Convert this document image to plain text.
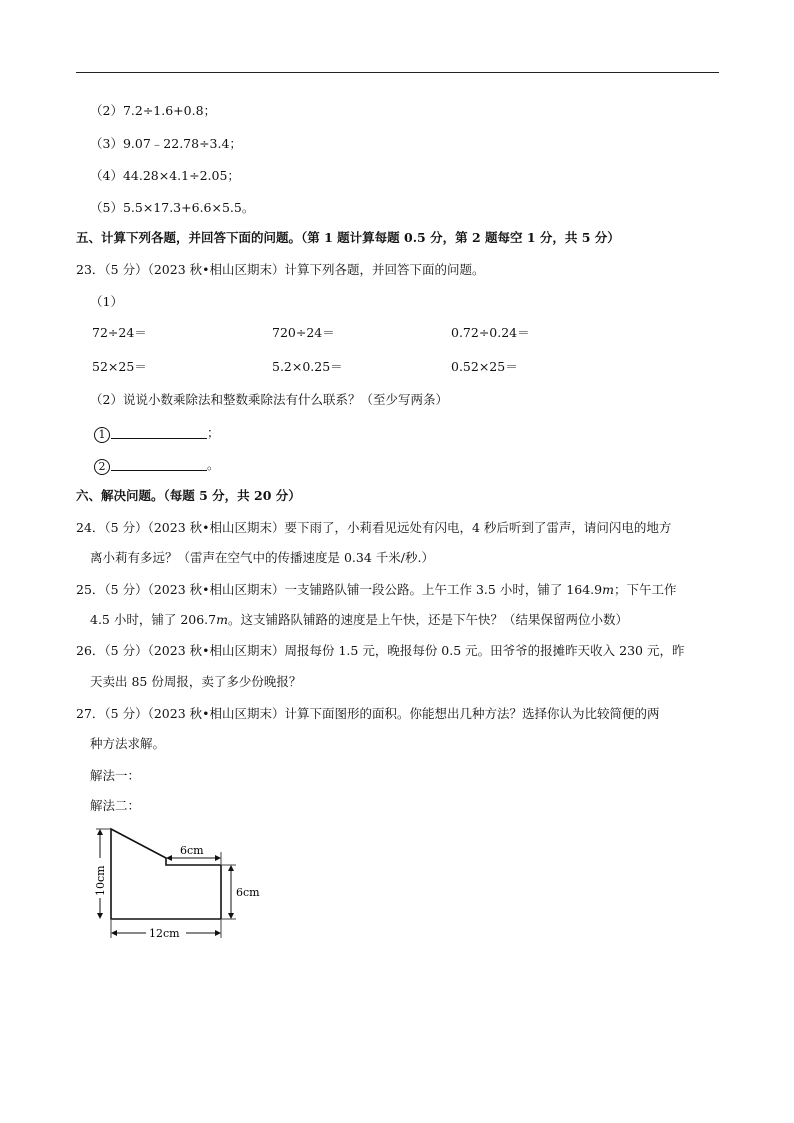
（2）7.2÷1.6+0.8；
（3）9.07﹣22.78÷3.4；
（4）44.28×4.1÷2.05；
（5）5.5×17.3+6.6×5.5。
五、计算下列各题，并回答下面的问题。（第 1 题计算每题 0.5 分，第 2 题每空 1 分，共 5 分）
23．（5 分）（2023 秋•相山区期末）计算下列各题，并回答下面的问题。
（1）
72÷24＝	720÷24＝	0.72÷0.24＝
52×25＝	5.2×0.25＝	0.52×25＝
（2）说说小数乘除法和整数乘除法有什么联系？（至少写两条）
1	；
2	。
六、解决问题。（每题 5 分，共 20 分）
24．（5 分）（2023 秋•相山区期末）要下雨了，小莉看见远处有闪电，4 秒后听到了雷声，请问闪电的地方
离小莉有多远？（雷声在空气中的传播速度是 0.34 千米/秒.）
25．（5 分）（2023 秋•相山区期末）一支铺路队铺一段公路。上午工作 3.5 小时，铺了 164.9m；下午工作
4.5 小时，铺了 206.7m。这支铺路队铺路的速度是上午快，还是下午快？（结果保留两位小数）
26．（5 分）（2023 秋•相山区期末）周报每份 1.5 元，晚报每份 0.5 元。田爷爷的报摊昨天收入 230 元，昨
天卖出 85 份周报，卖了多少份晚报？
27．（5 分）（2023 秋•相山区期末）计算下面图形的面积。你能想出几种方法？选择你认为比较简便的两
种方法求解。
解法一：
解法二：
10cm
6cm
6cm
12cm
